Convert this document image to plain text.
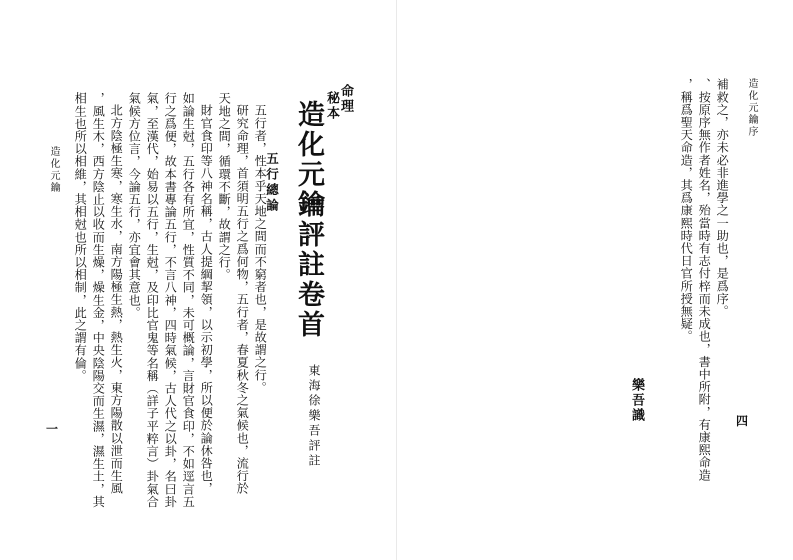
造化元鑰序
補救之，亦未必非進學之一助也，是爲序。
、按原序無作者姓名，殆當時有志付梓而未成也，書中所附，有康熙命造
，稱爲聖天命造，其爲康熙時代日官所授無疑。
樂吾識	四
命理
秘本
造化元鑰評註卷首
東海徐樂吾評註
五行總論
五行者，性本乎天地之間而不窮者也，是故謂之行。
研究命理，首須明五行之爲何物，五行者，春夏秋冬之氣候也，流行於
天地之間，循環不斷，故謂之行。
財官食印等八神名稱，古人提綱挈領，以示初學，所以便於論休咎也，
如論生尅，五行各有所宜，性質不同，未可概論，言財官食印，不如逕言五
行之爲便，故本書專論五行，不言八神，四時氣候，古人代之以卦，名曰卦
氣，至漢代，始易以五行，生尅，及印比官鬼等名稱（詳子平粹言）卦氣合
氣候方位言，今論五行，亦宜會其意也。
北方陰極生寒，寒生水，南方陽極生熱，熱生火，東方陽散以泄而生風
，風生木，西方陰止以收而生燥，燥生金，中央陰陽交而生濕，濕生土，其
相生也所以相維，其相尅也所以相制，此之謂有倫。
造化元鑰
一
